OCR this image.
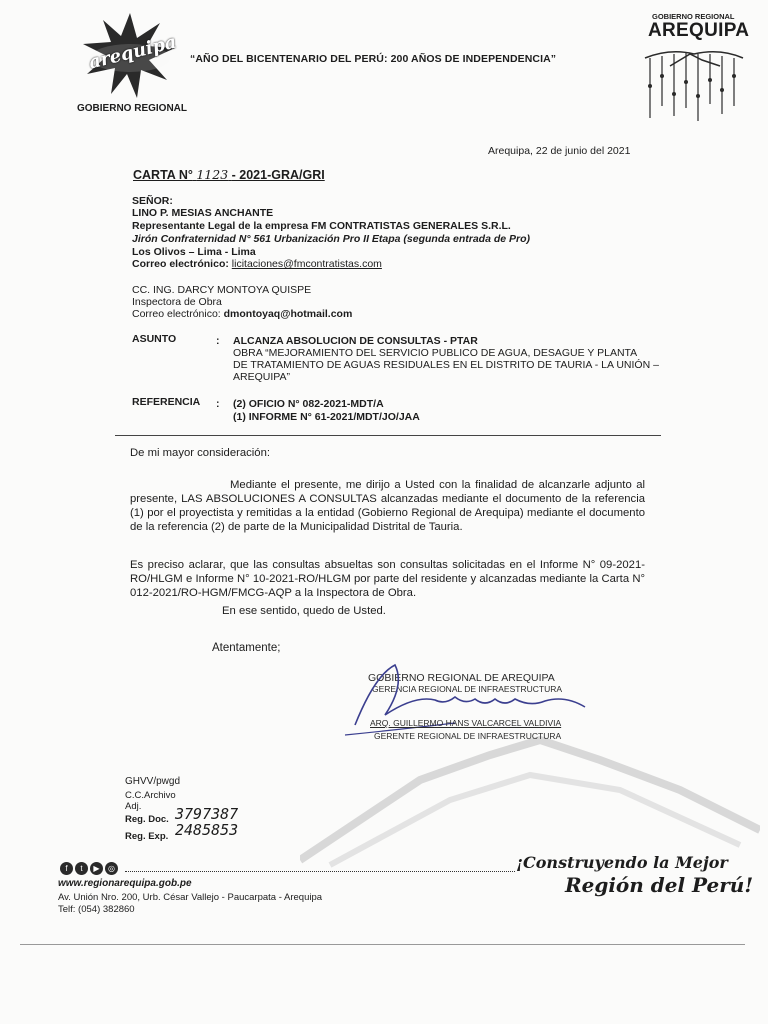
arequipa
GOBIERNO REGIONAL
“AÑO DEL BICENTENARIO DEL PERÚ: 200 AÑOS DE INDEPENDENCIA”
GOBIERNO REGIONAL
AREQUIPA
Arequipa, 22 de junio del 2021
CARTA N° 1123 - 2021-GRA/GRI
SEÑOR:
LINO P. MESIAS ANCHANTE
Representante Legal de la empresa FM CONTRATISTAS GENERALES S.R.L.
Jirón Confraternidad N° 561 Urbanización Pro II Etapa (segunda entrada de Pro)
Los Olivos – Lima - Lima
Correo electrónico: licitaciones@fmcontratistas.com
CC. ING. DARCY MONTOYA QUISPE
Inspectora de Obra
Correo electrónico: dmontoyaq@hotmail.com
ASUNTO	: ALCANZA ABSOLUCION DE CONSULTAS - PTAR
OBRA “MEJORAMIENTO DEL SERVICIO PUBLICO DE AGUA, DESAGUE Y PLANTA
DE TRATAMIENTO DE AGUAS RESIDUALES EN EL DISTRITO DE TAURIA - LA UNIÓN –
AREQUIPA”
REFERENCIA : (2) OFICIO N° 082-2021-MDT/A
(1) INFORME N° 61-2021/MDT/JO/JAA
De mi mayor consideración:
Mediante el presente, me dirijo a Usted con la finalidad de alcanzarle adjunto al presente, LAS ABSOLUCIONES A CONSULTAS alcanzadas mediante el documento de la referencia (1) por el proyectista y remitidas a la entidad (Gobierno Regional de Arequipa) mediante el documento de la referencia (2) de parte de la Municipalidad Distrital de Tauria.
Es preciso aclarar, que las consultas absueltas son consultas solicitadas en el Informe N° 09-2021-RO/HLGM e Informe N° 10-2021-RO/HLGM por parte del residente y alcanzadas mediante la Carta N° 012-2021/RO-HGM/FMCG-AQP a la Inspectora de Obra.
En ese sentido, quedo de Usted.
Atentamente;
GOBIERNO REGIONAL DE AREQUIPA
GERENCIA REGIONAL DE INFRAESTRUCTURA
ARQ. GUILLERMO HANS VALCARCEL VALDIVIA
GERENTE REGIONAL DE INFRAESTRUCTURA
GHVV/pwgd
C.C.Archivo
Adj.
Reg. Doc. 3797387
Reg. Exp. 2485853
f t ▶ ◎
www.regionarequipa.gob.pe
Av. Unión Nro. 200, Urb. César Vallejo - Paucarpata - Arequipa
Telf: (054) 382860
¡Construyendo la Mejor
Región del Perú!
